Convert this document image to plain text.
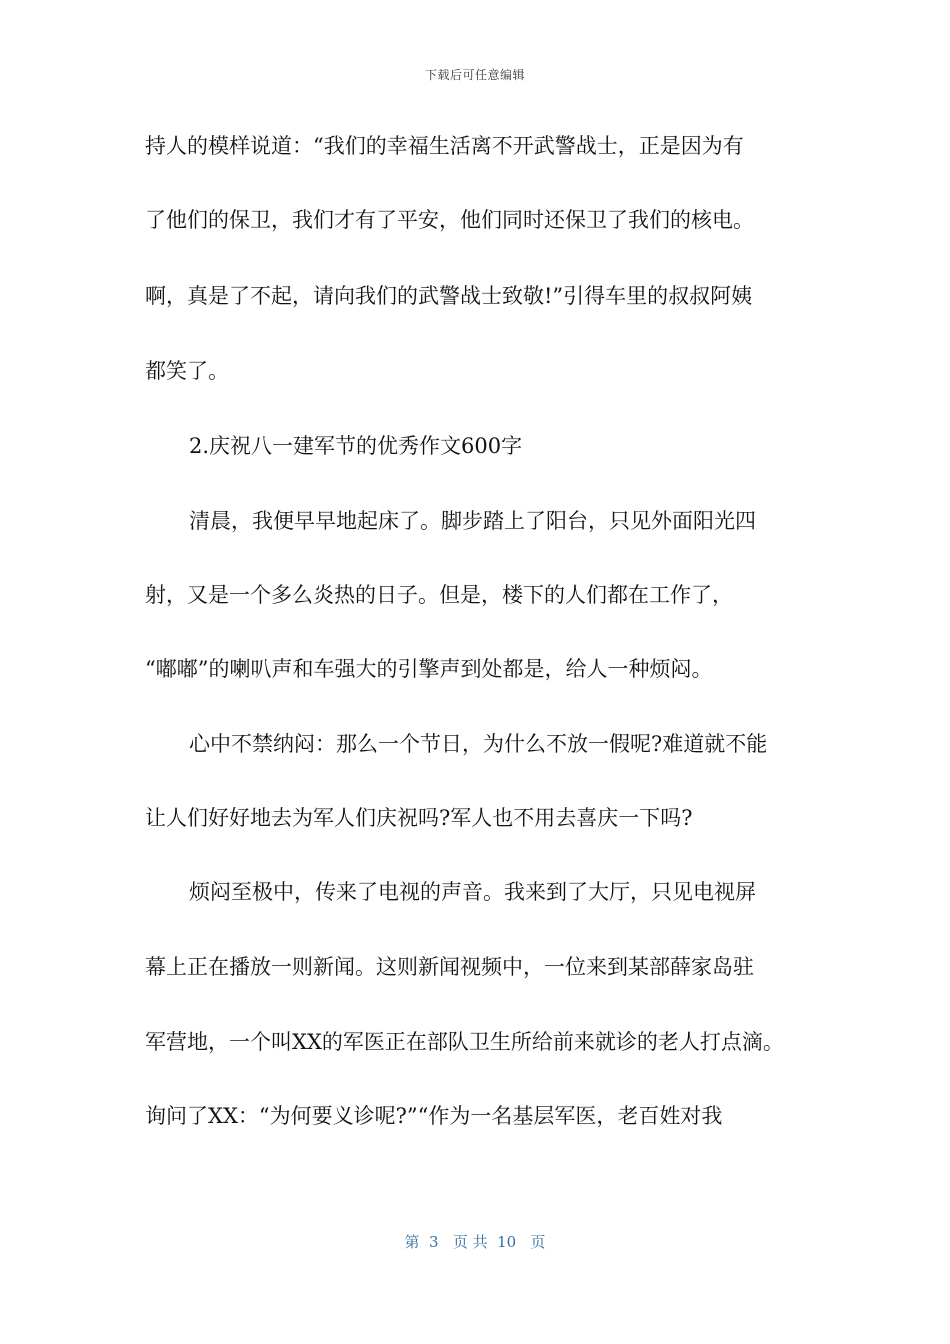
下载后可任意编辑
持人的模样说道：“我们的幸福生活离不开武警战士，正是因为有
了他们的保卫，我们才有了平安，他们同时还保卫了我们的核电。
啊，真是了不起，请向我们的武警战士致敬!”引得车里的叔叔阿姨
都笑了。
2.庆祝八一建军节的优秀作文600字
清晨，我便早早地起床了。脚步踏上了阳台，只见外面阳光四
射，又是一个多么炎热的日子。但是，楼下的人们都在工作了，
“嘟嘟”的喇叭声和车强大的引擎声到处都是，给人一种烦闷。
心中不禁纳闷：那么一个节日，为什么不放一假呢?难道就不能
让人们好好地去为军人们庆祝吗?军人也不用去喜庆一下吗?
烦闷至极中，传来了电视的声音。我来到了大厅，只见电视屏
幕上正在播放一则新闻。这则新闻视频中，一位来到某部薛家岛驻
军营地，一个叫XX的军医正在部队卫生所给前来就诊的老人打点滴。
询问了XX：“为何要义诊呢?”“作为一名基层军医，老百姓对我
第  3   页 共  10   页
